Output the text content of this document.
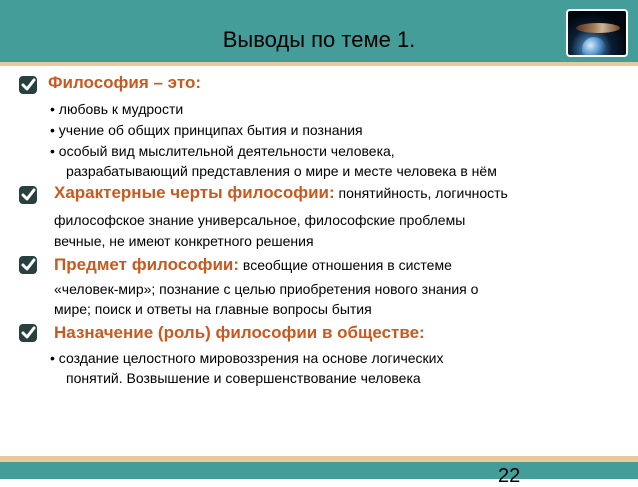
Выводы по теме 1.
Философия – это:
• любовь к мудрости
• учение об общих принципах бытия и познания
• особый вид мыслительной деятельности человека,
разрабатывающий представления о мире и месте человека в нём
Характерные черты философии: понятийность, логичность
философское знание универсальное, философские проблемы
вечные, не имеют конкретного решения
Предмет философии: всеобщие отношения в системе
«человек-мир»; познание с целью приобретения нового знания о
мире; поиск и ответы на главные вопросы бытия
Назначение (роль) философии в обществе:
• создание целостного мировоззрения на основе логических
понятий. Возвышение и совершенствование человека
22
